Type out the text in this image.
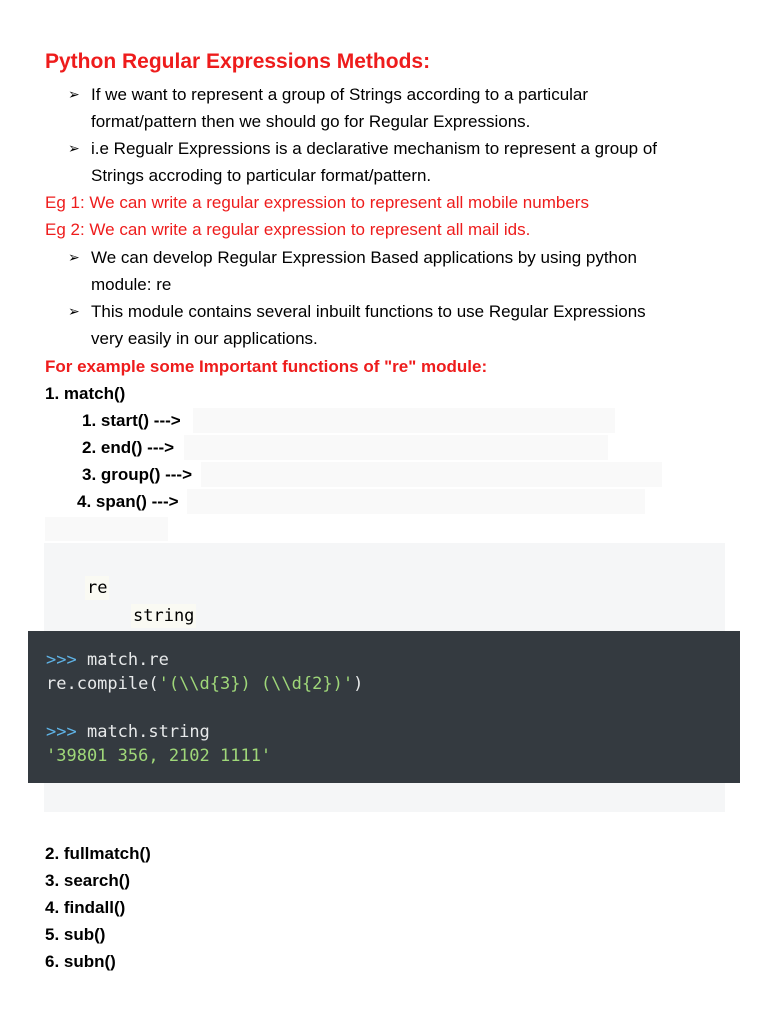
Python Regular Expressions Methods:
➢ If we want to represent a group of Strings according to a particular
format/pattern then we should go for Regular Expressions.
➢ i.e Regualr Expressions is a declarative mechanism to represent a group of
Strings accroding to particular format/pattern.
Eg 1: We can write a regular expression to represent all mobile numbers
Eg 2: We can write a regular expression to represent all mail ids.
➢ We can develop Regular Expression Based applications by using python
module: re
➢ This module contains several inbuilt functions to use Regular Expressions
very easily in our applications.
For example some Important functions of "re" module:
1. match()
1. start() --->
2. end() --->
3. group() --->
4. span() --->
re
string
>>> match.re
re.compile('(\\d{3}) (\\d{2})')
>>> match.string
'39801 356, 2102 1111'
2. fullmatch()
3. search()
4. findall()
5. sub()
6. subn()
